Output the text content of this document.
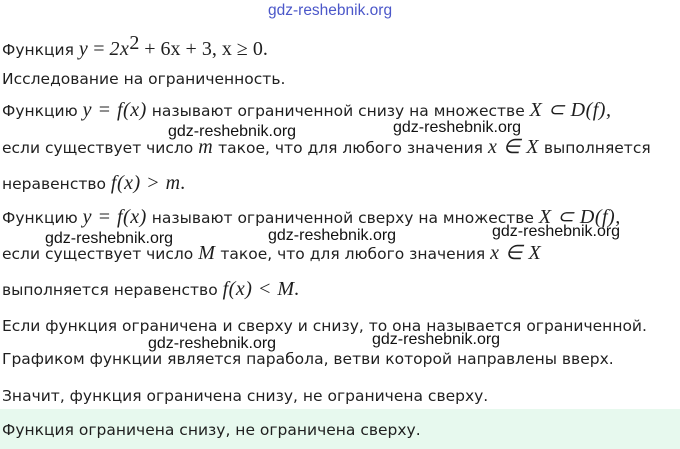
gdz-reshebnik.org
Функция $y = 2x^2 + 6x + 3$, x ≥ 0.
Исследование на ограниченность.
Функцию y = f(x) называют ограниченной снизу на множестве X ⊂ D(f),
gdz-reshebnik.org	gdz-reshebnik.org
если существует число m такое, что для любого значения x ∈ X выполняется
неравенство f(x) > m.
Функцию y = f(x) называют ограниченной сверху на множестве X ⊂ D(f),
gdz-reshebnik.org	gdz-reshebnik.org	gdz-reshebnik.org
если существует число M такое, что для любого значения x ∈ X
выполняется неравенство f(x) < M.
Если функция ограничена и сверху и снизу, то она называется ограниченной.
gdz-reshebnik.org	gdz-reshebnik.org
Графиком функции является парабола, ветви которой направлены вверх.
Значит, функция ограничена снизу, не ограничена сверху.
Функция ограничена снизу, не ограничена сверху.
